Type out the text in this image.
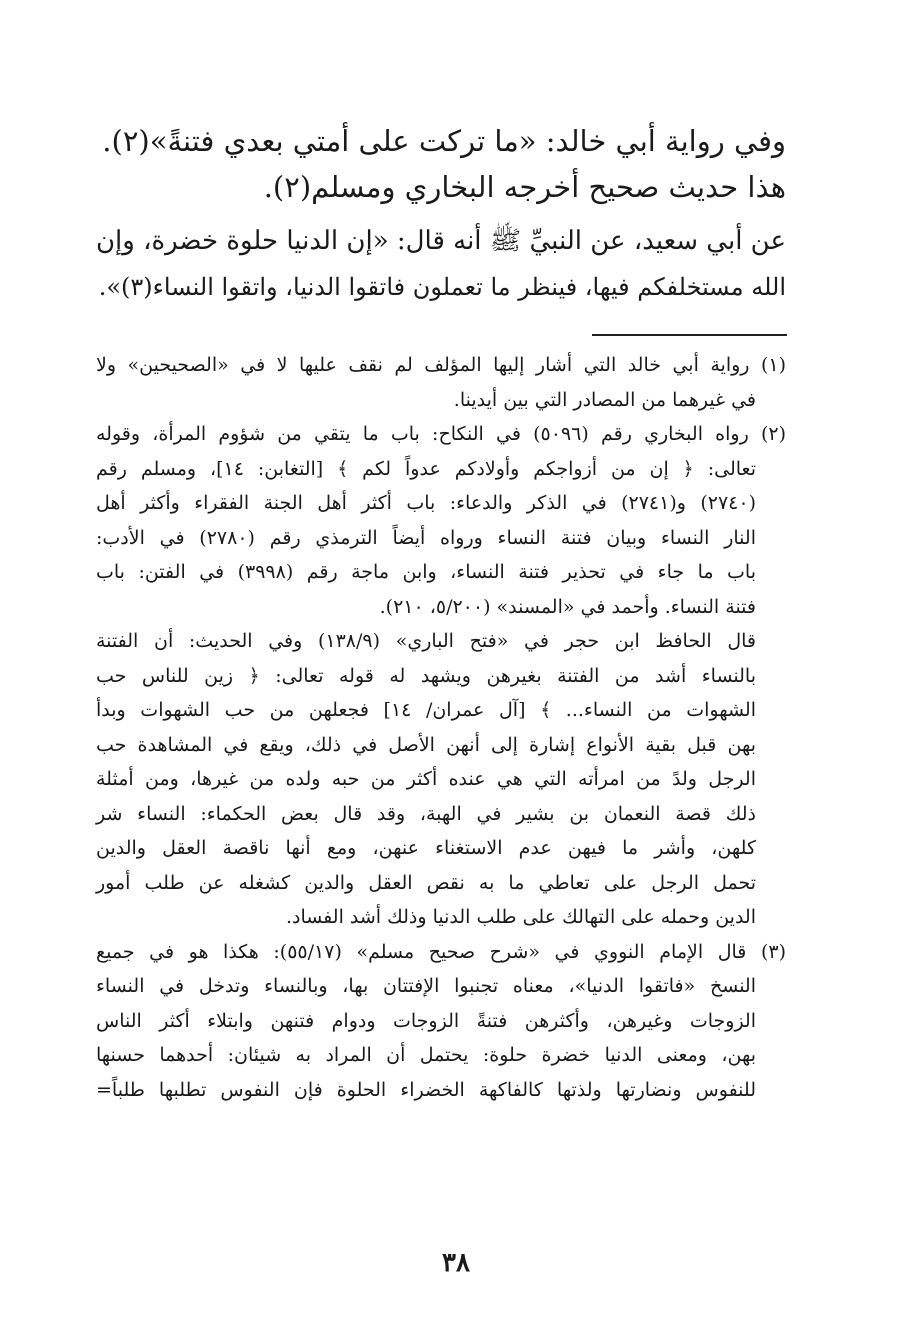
وفي رواية أبي خالد: «ما تركت على أمتي بعدي فتنةً»(٢).

هذا حديث صحيح أخرجه البخاري ومسلم(٢).

عن أبي سعيد، عن النبيِّ ﷺ أنه قال: «إن الدنيا حلوة خضرة، وإن
الله مستخلفكم فيها، فينظر ما تعملون فاتقوا الدنيا، واتقوا النساء(٣)».

(١) رواية أبي خالد التي أشار إليها المؤلف لم نقف عليها لا في «الصحيحين» ولا
في غيرهما من المصادر التي بين أيدينا.
(٢) رواه البخاري رقم (٥٠٩٦) في النكاح: باب ما يتقي من شؤوم المرأة، وقوله
تعالى: ﴿ إن من أزواجكم وأولادكم عدواً لكم ﴾ [التغابن: ١٤]، ومسلم رقم
(٢٧٤٠) و(٢٧٤١) في الذكر والدعاء: باب أكثر أهل الجنة الفقراء وأكثر أهل
النار النساء وبيان فتنة النساء ورواه أيضاً الترمذي رقم (٢٧٨٠) في الأدب:
باب ما جاء في تحذير فتنة النساء، وابن ماجة رقم (٣٩٩٨) في الفتن: باب
فتنة النساء. وأحمد في «المسند» (٥/٢٠٠، ٢١٠).
قال الحافظ ابن حجر في «فتح الباري» (١٣٨/٩) وفي الحديث: أن الفتنة
بالنساء أشد من الفتنة بغيرهن ويشهد له قوله تعالى: ﴿ زين للناس حب
الشهوات من النساء... ﴾ [آل عمران/ ١٤] فجعلهن من حب الشهوات وبدأ
بهن قبل بقية الأنواع إشارة إلى أنهن الأصل في ذلك، ويقع في المشاهدة حب
الرجل ولدً من امرأته التي هي عنده أكثر من حبه ولده من غيرها، ومن أمثلة
ذلك قصة النعمان بن بشير في الهبة، وقد قال بعض الحكماء: النساء شر
كلهن، وأشر ما فيهن عدم الاستغناء عنهن، ومع أنها ناقصة العقل والدين
تحمل الرجل على تعاطي ما به نقص العقل والدين كشغله عن طلب أمور
الدين وحمله على التهالك على طلب الدنيا وذلك أشد الفساد.
(٣) قال الإمام النووي في «شرح صحيح مسلم» (٥٥/١٧): هكذا هو في جميع
النسخ «فاتقوا الدنيا»، معناه تجنبوا الإفتتان بها، وبالنساء وتدخل في النساء
الزوجات وغيرهن، وأكثرهن فتنةً الزوجات ودوام فتنهن وابتلاء أكثر الناس
بهن، ومعنى الدنيا خضرة حلوة: يحتمل أن المراد به شيئان: أحدهما حسنها
للنفوس ونضارتها ولذتها كالفاكهة الخضراء الحلوة فإن النفوس تطلبها طلباً=
٣٨
